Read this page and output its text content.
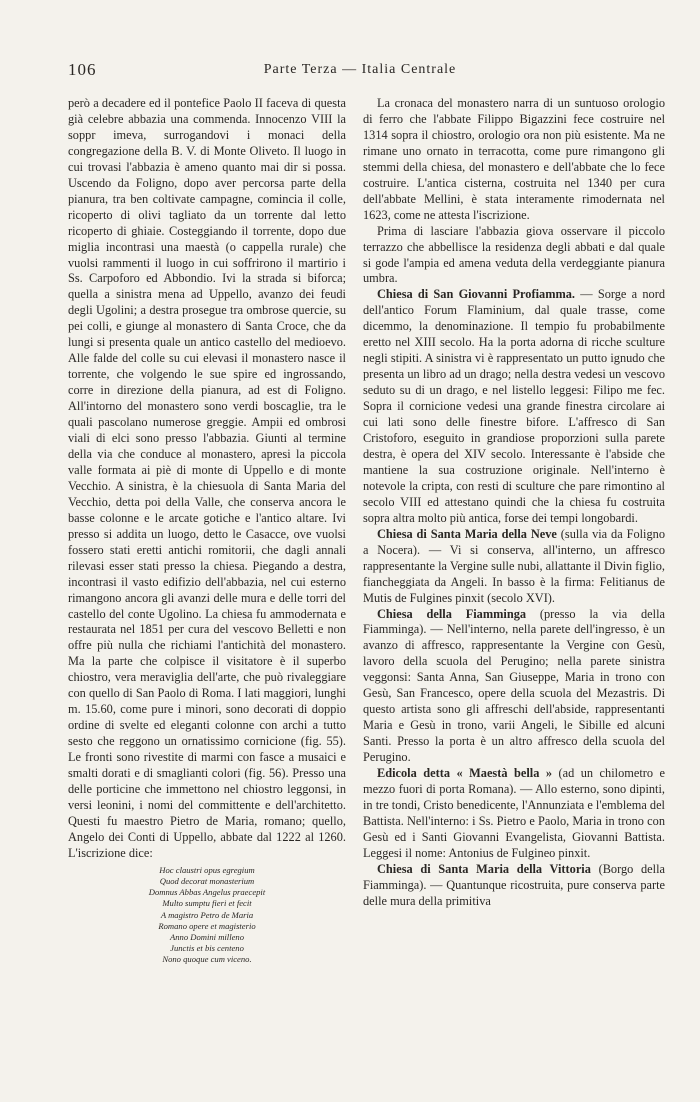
106	Parte Terza — Italia Centrale

però a decadere ed il pontefice Paolo II faceva di questa già celebre abbazia una commenda. Innocenzo VIII la soppr imeva, surrogandovi i monaci della congregazione della B. V. di Monte Oliveto. Il luogo in cui trovasi l'abbazia è ameno quanto mai dir si possa. Uscendo da Foligno, dopo aver percorsa parte della pianura, tra ben coltivate campagne, comincia il colle, ricoperto di olivi tagliato da un torrente dal letto ricoperto di ghiaie. Costeggiando il torrente, dopo due miglia incontrasi una maestà (o cappella rurale) che vuolsi rammenti il luogo in cui soffrirono il martirio i Ss. Carpoforo ed Abbondio. Ivi la strada si biforca; quella a sinistra mena ad Uppello, avanzo dei feudi degli Ugolini; a destra prosegue tra ombrose quercie, su pei colli, e giunge al monastero di Santa Croce, che da lungi si presenta quale un antico castello del medioevo. Alle falde del colle su cui elevasi il monastero nasce il torrente, che volgendo le sue spire ed ingrossando, corre in direzione della pianura, ad est di Foligno. All'intorno del monastero sono verdi boscaglie, tra le quali pascolano numerose greggie. Ampii ed ombrosi viali di elci sono presso l'abbazia. Giunti al termine della via che conduce al monastero, apresi la piccola valle formata ai piè di monte di Uppello e di monte Vecchio. A sinistra, è la chiesuola di Santa Maria del Vecchio, detta poi della Valle, che conserva ancora le basse colonne e le arcate gotiche e l'antico altare. Ivi presso si addita un luogo, detto le Casacce, ove vuolsi fossero stati eretti antichi romitorii, che dagli annali rilevasi esser stati presso la chiesa. Piegando a destra, incontrasi il vasto edifizio dell'abbazia, nel cui esterno rimangono ancora gli avanzi delle mura e delle torri del castello del conte Ugolino. La chiesa fu ammodernata e restaurata nel 1851 per cura del vescovo Belletti e non offre più nulla che richiami l'antichità del monastero. Ma la parte che colpisce il visitatore è il superbo chiostro, vera meraviglia dell'arte, che può rivaleggiare con quello di San Paolo di Roma. I lati maggiori, lunghi m. 15.60, come pure i minori, sono decorati di doppio ordine di svelte ed eleganti colonne con archi a tutto sesto che reggono un ornatissimo cornicione (fig. 55). Le fronti sono rivestite di marmi con fasce a musaici e smalti dorati e di smaglianti colori (fig. 56). Presso una delle porticine che immettono nel chiostro leggonsi, in versi leonini, i nomi del committente e dell'architetto. Questi fu maestro Pietro de Maria, romano; quello, Angelo dei Conti di Uppello, abbate dal 1222 al 1260. L'iscrizione dice:

Hoc claustri opus egregium
Quod decorat monasterium
Domnus Abbas Angelus praecepit
Multo sumptu fieri et fecit
A magistro Petro de Maria
Romano opere et magisterio
Anno Domini milleno
Junctis et bis centeno
Nono quoque cum viceno.

La cronaca del monastero narra di un suntuoso orologio di ferro che l'abbate Filippo Bigazzini fece costruire nel 1314 sopra il chiostro, orologio ora non più esistente. Ma ne rimane uno ornato in terracotta, come pure rimangono gli stemmi della chiesa, del monastero e dell'abbate che lo fece costruire. L'antica cisterna, costruita nel 1340 per cura dell'abbate Mellini, è stata interamente rimodernata nel 1623, come ne attesta l'iscrizione.

Prima di lasciare l'abbazia giova osservare il piccolo terrazzo che abbellisce la residenza degli abbati e dal quale si gode l'ampia ed amena veduta della verdeggiante pianura umbra.

Chiesa di San Giovanni Profiamma. — Sorge a nord dell'antico Forum Flaminium, dal quale trasse, come dicemmo, la denominazione. Il tempio fu probabilmente eretto nel XIII secolo. Ha la porta adorna di ricche sculture negli stipiti. A sinistra vi è rappresentato un putto ignudo che presenta un libro ad un drago; nella destra vedesi un vescovo seduto su di un drago, e nel listello leggesi: Filipo me fec. Sopra il cornicione vedesi una grande finestra circolare ai cui lati sono delle finestre bifore. L'affresco di San Cristoforo, eseguito in grandiose proporzioni sulla parete destra, è opera del XIV secolo. Interessante è l'abside che mantiene la sua costruzione originale. Nell'interno è notevole la cripta, con resti di sculture che pare rimontino al secolo VIII ed attestano quindi che la chiesa fu costruita sopra altra molto più antica, forse dei tempi longobardi.

Chiesa di Santa Maria della Neve (sulla via da Foligno a Nocera). — Vi si conserva, all'interno, un affresco rappresentante la Vergine sulle nubi, allattante il Divin figlio, fiancheggiata da Angeli. In basso è la firma: Felitianus de Mutis de Fulgines pinxit (secolo XVI).

Chiesa della Fiamminga (presso la via della Fiamminga). — Nell'interno, nella parete dell'ingresso, è un avanzo di affresco, rappresentante la Vergine con Gesù, lavoro della scuola del Perugino; nella parete sinistra veggonsi: Santa Anna, San Giuseppe, Maria in trono con Gesù, San Francesco, opere della scuola del Mezastris. Di questo artista sono gli affreschi dell'abside, rappresentanti Maria e Gesù in trono, varii Angeli, le Sibille ed alcuni Santi. Presso la porta è un altro affresco della scuola del Perugino.

Edicola detta « Maestà bella » (ad un chilometro e mezzo fuori di porta Romana). — Allo esterno, sono dipinti, in tre tondi, Cristo benedicente, l'Annunziata e l'emblema del Battista. Nell'interno: i Ss. Pietro e Paolo, Maria in trono con Gesù ed i Santi Giovanni Evangelista, Giovanni Battista. Leggesi il nome: Antonius de Fulgineo pinxit.

Chiesa di Santa Maria della Vittoria (Borgo della Fiamminga). — Quantunque ricostruita, pure conserva parte delle mura della primitiva
